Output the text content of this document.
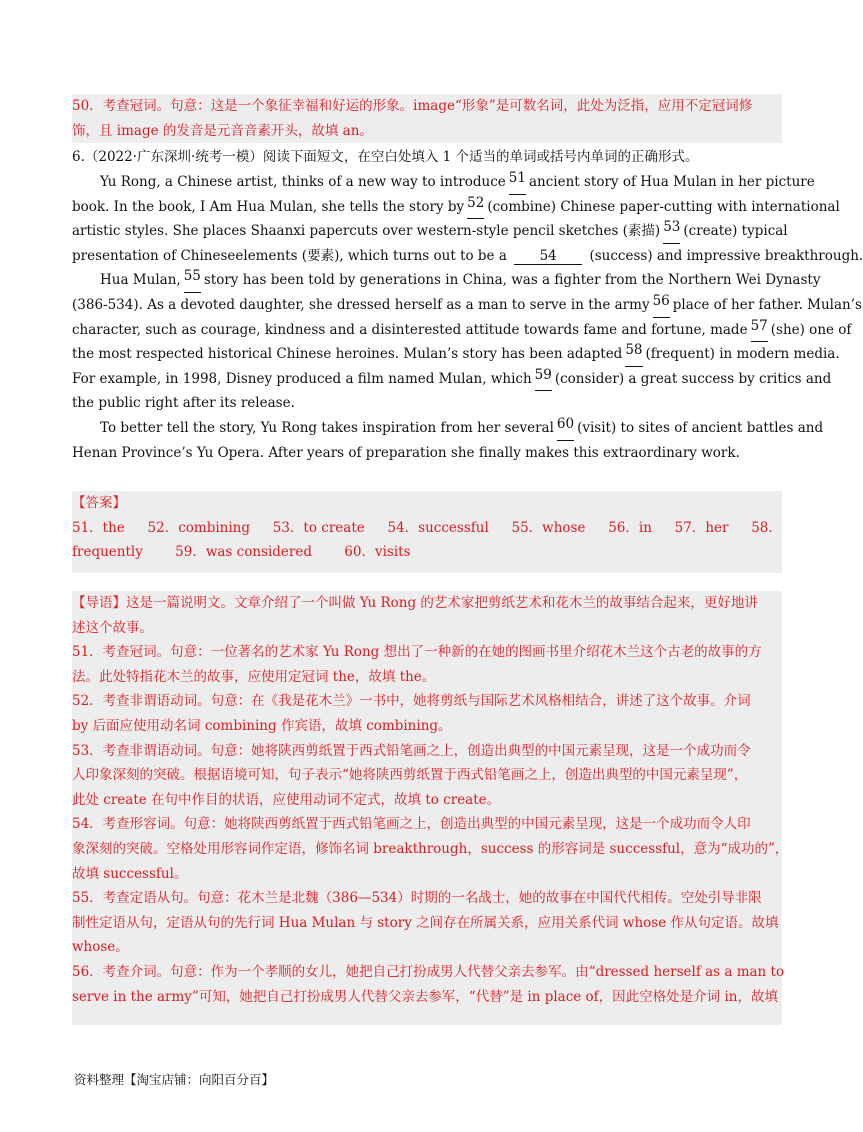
50．考查冠词。句意：这是一个象征幸福和好运的形象。image“形象”是可数名词，此处为泛指，应用不定冠词修
饰，且 image 的发音是元音音素开头，故填 an。
6.（2022·广东深圳·统考一模）阅读下面短文，在空白处填入 1 个适当的单词或括号内单词的正确形式。
Yu Rong, a Chinese artist, thinks of a new way to introduce 51 ancient story of Hua Mulan in her picture
book. In the book, I Am Hua Mulan, she tells the story by 52 (combine) Chinese paper-cutting with international
artistic styles. She places Shaanxi papercuts over western-style pencil sketches (素描) 53 (create) typical
presentation of Chineseelements (要素), which turns out to be a 54 (success) and impressive breakthrough.
Hua Mulan, 55 story has been told by generations in China, was a fighter from the Northern Wei Dynasty
(386-534). As a devoted daughter, she dressed herself as a man to serve in the army 56 place of her father. Mulan’s
character, such as courage, kindness and a disinterested attitude towards fame and fortune, made 57 (she) one of
the most respected historical Chinese heroines. Mulan’s story has been adapted 58 (frequent) in modern media.
For example, in 1998, Disney produced a film named Mulan, which 59 (consider) a great success by critics and
the public right after its release.
To better tell the story, Yu Rong takes inspiration from her several 60 (visit) to sites of ancient battles and
Henan Province’s Yu Opera. After years of preparation she finally makes this extraordinary work.
【答案】
51．the 52．combining 53．to create 54．successful 55．whose 56．in 57．her 58．
frequently 59．was considered 60．visits
【导语】这是一篇说明文。文章介绍了一个叫做 Yu Rong 的艺术家把剪纸艺术和花木兰的故事结合起来，更好地讲
述这个故事。
51．考查冠词。句意：一位著名的艺术家 Yu Rong 想出了一种新的在她的图画书里介绍花木兰这个古老的故事的方
法。此处特指花木兰的故事，应使用定冠词 the，故填 the。
52．考查非谓语动词。句意：在《我是花木兰》一书中，她将剪纸与国际艺术风格相结合，讲述了这个故事。介词
by 后面应使用动名词 combining 作宾语，故填 combining。
53．考查非谓语动词。句意：她将陕西剪纸置于西式铅笔画之上，创造出典型的中国元素呈现，这是一个成功而令
人印象深刻的突破。根据语境可知，句子表示“她将陕西剪纸置于西式铅笔画之上，创造出典型的中国元素呈现”，
此处 create 在句中作目的状语，应使用动词不定式，故填 to create。
54．考查形容词。句意：她将陕西剪纸置于西式铅笔画之上，创造出典型的中国元素呈现，这是一个成功而令人印
象深刻的突破。空格处用形容词作定语，修饰名词 breakthrough，success 的形容词是 successful，意为“成功的”，
故填 successful。
55．考查定语从句。句意：花木兰是北魏（386—534）时期的一名战士，她的故事在中国代代相传。空处引导非限
制性定语从句，定语从句的先行词 Hua Mulan 与 story 之间存在所属关系，应用关系代词 whose 作从句定语。故填
whose。
56．考查介词。句意：作为一个孝顺的女儿，她把自己打扮成男人代替父亲去参军。由“dressed herself as a man to
serve in the army”可知，她把自己打扮成男人代替父亲去参军，“代替”是 in place of，因此空格处是介词 in，故填
资料整理【淘宝店铺：向阳百分百】
